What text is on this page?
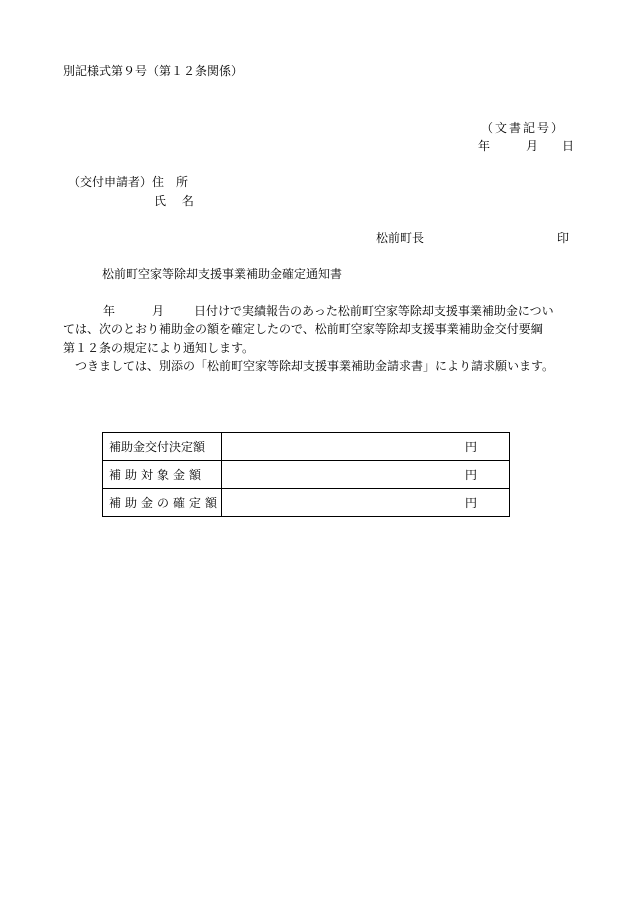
別記様式第９号（第１２条関係）
（文書記号）
年	月 日
（交付申請者） 住　所
氏　 名
松前町長	印
松前町空家等除却支援事業補助金確定通知書
年	月	日付けで実績報告のあった松前町空家等除却支援事業補助金につい
ては、次のとおり補助金の額を確定したので、松前町空家等除却支援事業補助金交付要綱
第１２条の規定により通知します。
つきましては、別添の「松前町空家等除却支援事業補助金請求書」により請求願います。
補助金交付決定額	円
補助対象金額	円
補助金の確定額	円
